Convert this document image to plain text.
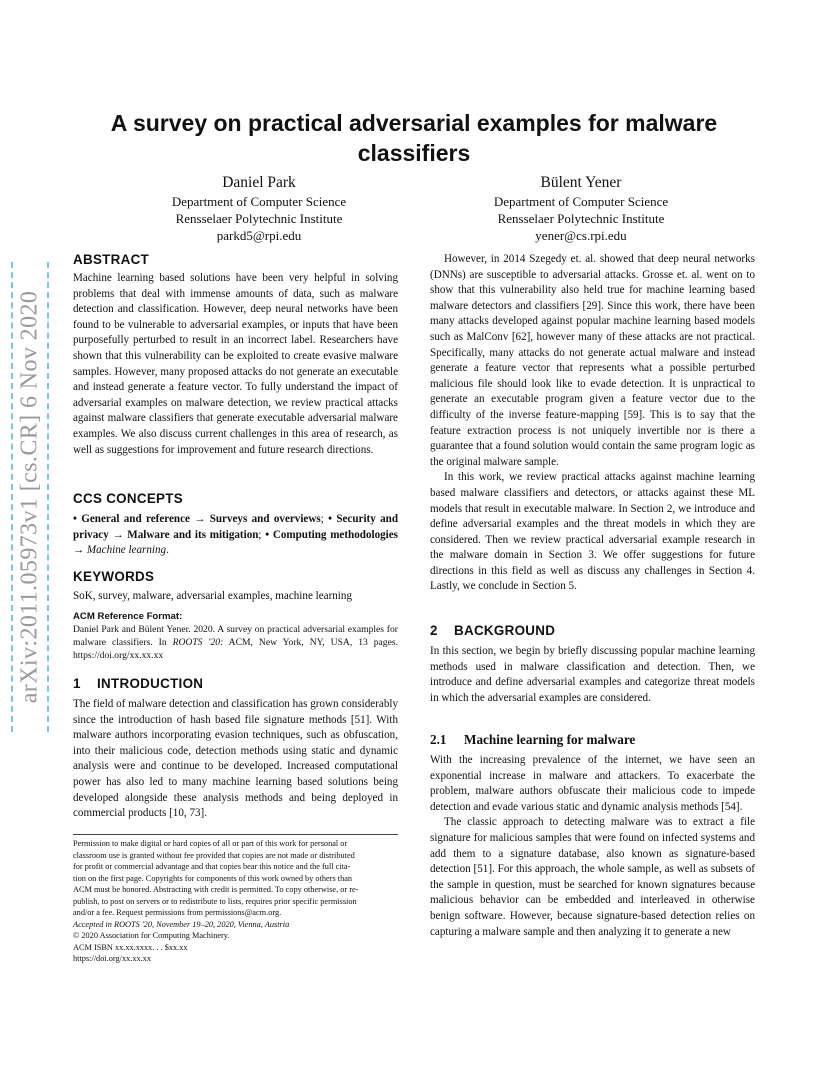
arXiv:2011.05973v1 [cs.CR] 6 Nov 2020
A survey on practical adversarial examples for malware classifiers
Daniel Park
Department of Computer Science
Rensselaer Polytechnic Institute
parkd5@rpi.edu
Bülent Yener
Department of Computer Science
Rensselaer Polytechnic Institute
yener@cs.rpi.edu
ABSTRACT

Machine learning based solutions have been very helpful in solving problems that deal with immense amounts of data, such as malware detection and classification. However, deep neural networks have been found to be vulnerable to adversarial examples, or inputs that have been purposefully perturbed to result in an incorrect label. Researchers have shown that this vulnerability can be exploited to create evasive malware samples. However, many proposed attacks do not generate an executable and instead generate a feature vector. To fully understand the impact of adversarial examples on malware detection, we review practical attacks against malware classifiers that generate executable adversarial malware examples. We also discuss current challenges in this area of research, as well as suggestions for improvement and future research directions.

CCS CONCEPTS

• General and reference → Surveys and overviews; • Security and privacy → Malware and its mitigation; • Computing methodologies → Machine learning.

KEYWORDS

SoK, survey, malware, adversarial examples, machine learning

ACM Reference Format:

Daniel Park and Bülent Yener. 2020. A survey on practical adversarial examples for malware classifiers. In ROOTS '20: ACM, New York, NY, USA, 13 pages. https://doi.org/xx.xx.xx

1 INTRODUCTION

The field of malware detection and classification has grown considerably since the introduction of hash based file signature methods [51]. With malware authors incorporating evasion techniques, such as obfuscation, into their malicious code, detection methods using static and dynamic analysis were and continue to be developed. Increased computational power has also led to many machine learning based solutions being developed alongside these analysis methods and being deployed in commercial products [10, 73].

Permission to make digital or hard copies of all or part of this work for personal or
classroom use is granted without fee provided that copies are not made or distributed
for profit or commercial advantage and that copies bear this notice and the full cita-
tion on the first page. Copyrights for components of this work owned by others than
ACM must be honored. Abstracting with credit is permitted. To copy otherwise, or re-
publish, to post on servers or to redistribute to lists, requires prior specific permission
and/or a fee. Request permissions from permissions@acm.org.
Accepted in ROOTS '20, November 19–20, 2020, Vienna, Austria
© 2020 Association for Computing Machinery.
ACM ISBN xx.xx.xxxx. . . $xx.xx
https://doi.org/xx.xx.xx

However, in 2014 Szegedy et. al. showed that deep neural networks (DNNs) are susceptible to adversarial attacks. Grosse et. al. went on to show that this vulnerability also held true for machine learning based malware detectors and classifiers [29]. Since this work, there have been many attacks developed against popular machine learning based models such as MalConv [62], however many of these attacks are not practical. Specifically, many attacks do not generate actual malware and instead generate a feature vector that represents what a possible perturbed malicious file should look like to evade detection. It is unpractical to generate an executable program given a feature vector due to the difficulty of the inverse feature-mapping [59]. This is to say that the feature extraction process is not uniquely invertible nor is there a guarantee that a found solution would contain the same program logic as the original malware sample.

In this work, we review practical attacks against machine learning based malware classifiers and detectors, or attacks against these ML models that result in executable malware. In Section 2, we introduce and define adversarial examples and the threat models in which they are considered. Then we review practical adversarial example research in the malware domain in Section 3. We offer suggestions for future directions in this field as well as discuss any challenges in Section 4. Lastly, we conclude in Section 5.

2 BACKGROUND

In this section, we begin by briefly discussing popular machine learning methods used in malware classification and detection. Then, we introduce and define adversarial examples and categorize threat models in which the adversarial examples are considered.

2.1 Machine learning for malware

With the increasing prevalence of the internet, we have seen an exponential increase in malware and attackers. To exacerbate the problem, malware authors obfuscate their malicious code to impede detection and evade various static and dynamic analysis methods [54].

The classic approach to detecting malware was to extract a file signature for malicious samples that were found on infected systems and add them to a signature database, also known as signature-based detection [51]. For this approach, the whole sample, as well as subsets of the sample in question, must be searched for known signatures because malicious behavior can be embedded and interleaved in otherwise benign software. However, because signature-based detection relies on capturing a malware sample and then analyzing it to generate a new
